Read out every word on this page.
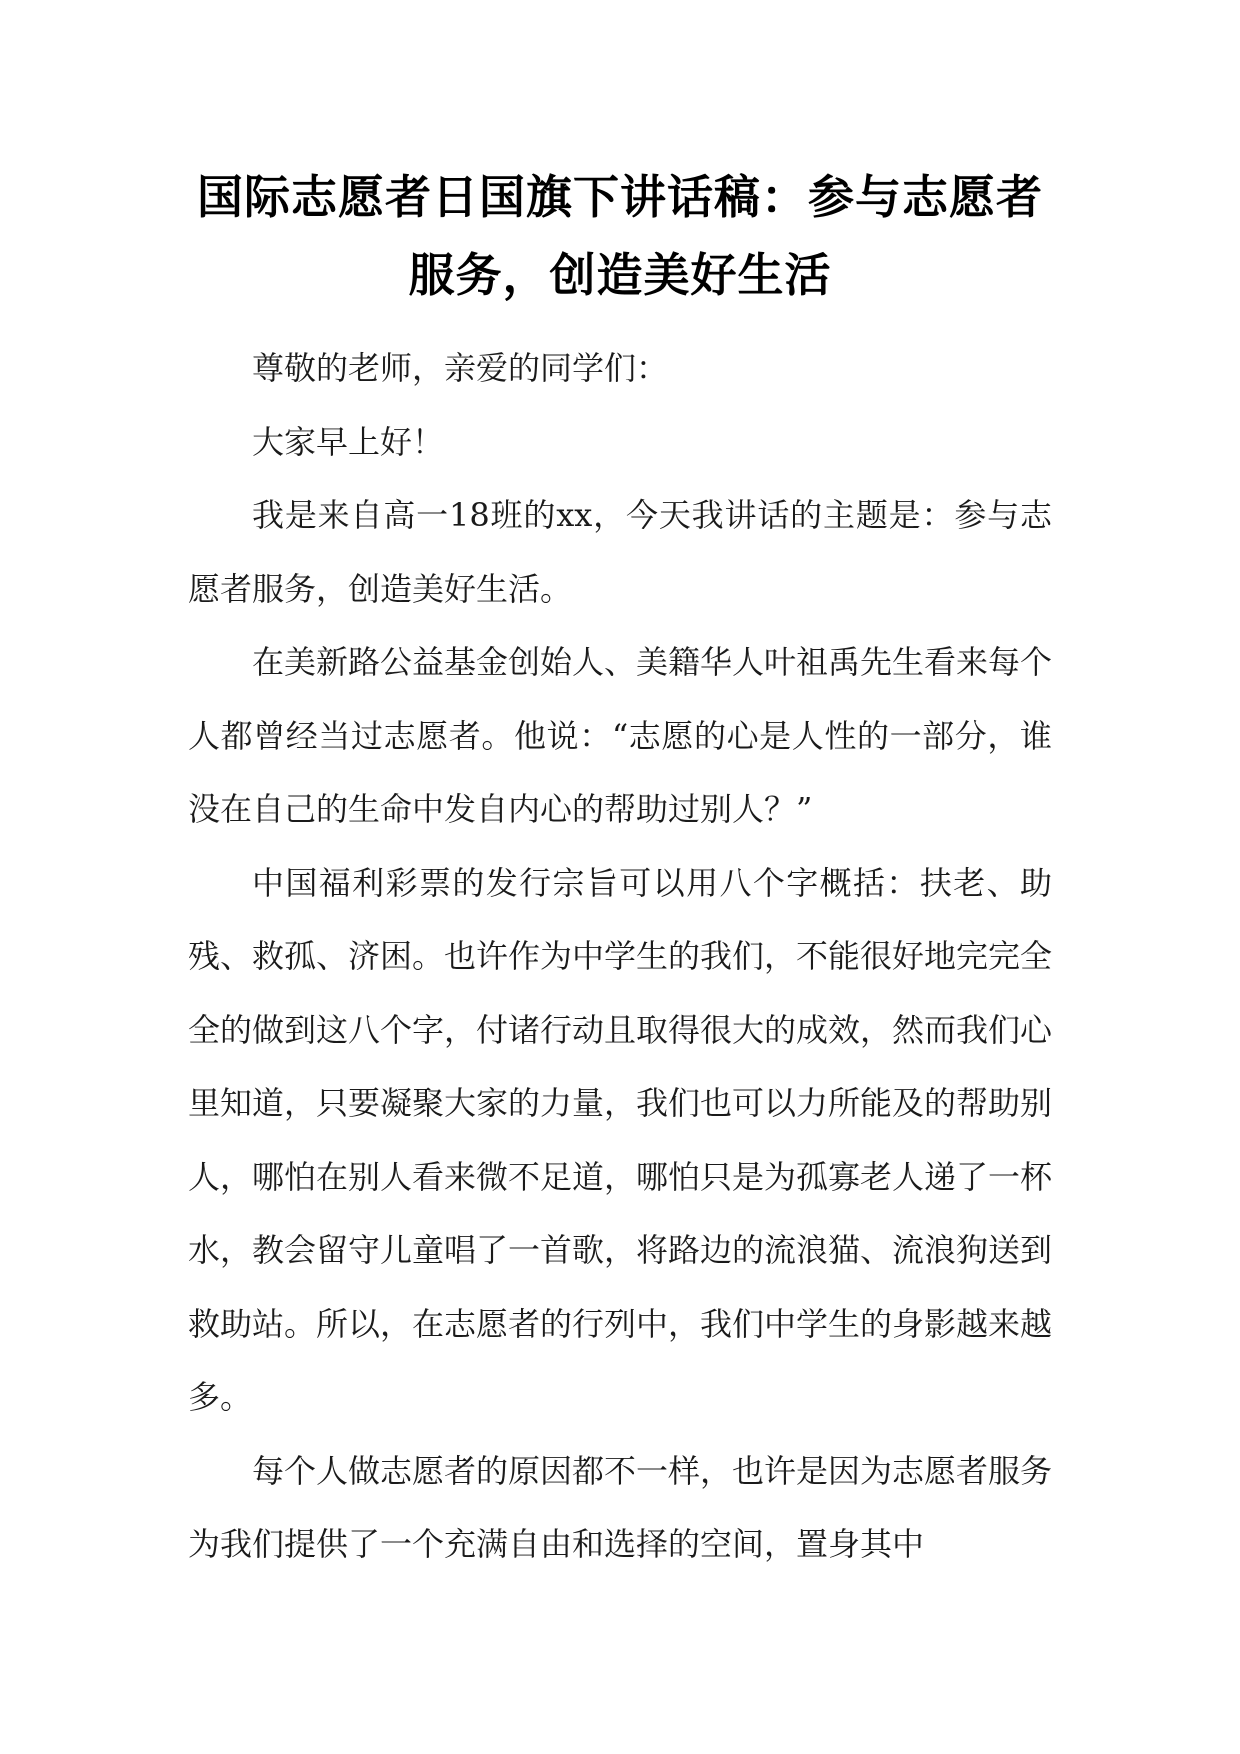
国际志愿者日国旗下讲话稿：参与志愿者服务，创造美好生活

尊敬的老师，亲爱的同学们：

大家早上好！

我是来自高一18班的xx，今天我讲话的主题是：参与志愿者服务，创造美好生活。

在美新路公益基金创始人、美籍华人叶祖禹先生看来每个人都曾经当过志愿者。他说：“志愿的心是人性的一部分，谁没在自己的生命中发自内心的帮助过别人？”

中国福利彩票的发行宗旨可以用八个字概括：扶老、助残、救孤、济困。也许作为中学生的我们，不能很好地完完全全的做到这八个字，付诸行动且取得很大的成效，然而我们心里知道，只要凝聚大家的力量，我们也可以力所能及的帮助别人，哪怕在别人看来微不足道，哪怕只是为孤寡老人递了一杯水，教会留守儿童唱了一首歌，将路边的流浪猫、流浪狗送到救助站。所以，在志愿者的行列中，我们中学生的身影越来越多。

每个人做志愿者的原因都不一样，也许是因为志愿者服务为我们提供了一个充满自由和选择的空间，置身其中
